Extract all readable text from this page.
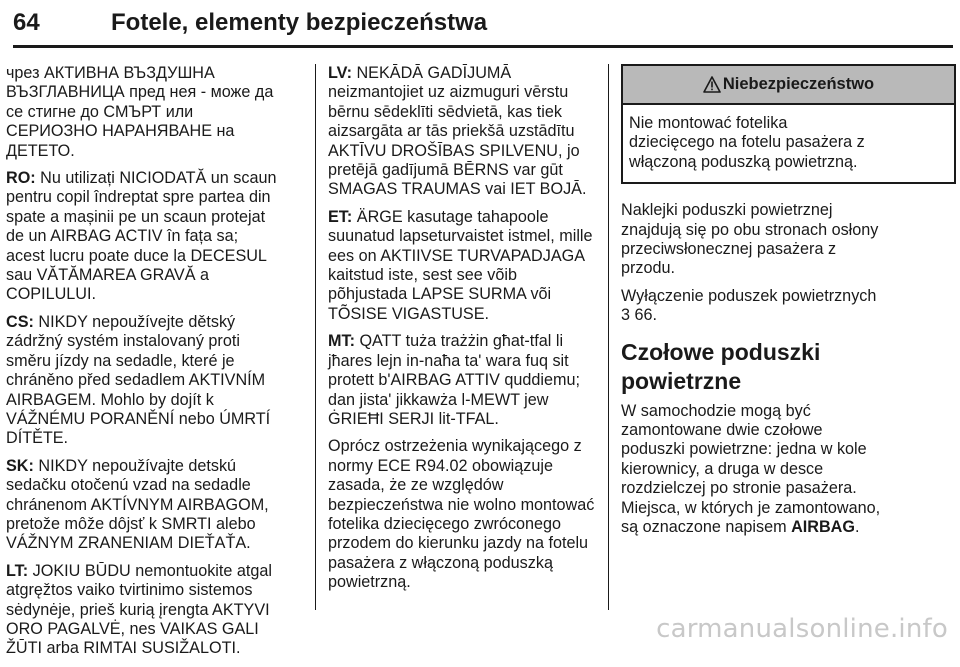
64	Fotele, elementy bezpieczeństwa

чрез АКТИВНА ВЪЗДУШНА
ВЪЗГЛАВНИЦА пред нея - може да
се стигне до СМЪРТ или
СЕРИОЗНО НАРАНЯВАНЕ на
ДЕТЕТО.

RO: Nu utilizați NICIODATĂ un scaun
pentru copil îndreptat spre partea din
spate a mașinii pe un scaun protejat
de un AIRBAG ACTIV în fața sa;
acest lucru poate duce la DECESUL
sau VĂTĂMAREA GRAVĂ a
COPILULUI.

CS: NIKDY nepoužívejte dětský
zádržný systém instalovaný proti
směru jízdy na sedadle, které je
chráněno před sedadlem AKTIVNÍM
AIRBAGEM. Mohlo by dojít k
VÁŽNÉMU PORANĚNÍ nebo ÚMRTÍ
DÍTĚTE.

SK: NIKDY nepoužívajte detskú
sedačku otočenú vzad na sedadle
chránenom AKTÍVNYM AIRBAGOM,
pretože môže dôjsť k SMRTI alebo
VÁŽNYM ZRANENIAM DIEŤAŤA.

LT: JOKIU BŪDU nemontuokite atgal
atgręžtos vaiko tvirtinimo sistemos
sėdynėje, prieš kurią įrengta AKTYVI
ORO PAGALVĖ, nes VAIKAS GALI
ŽŪTI arba RIMTAI SUSIŽALOTI.

LV: NEKĀDĀ GADĪJUMĀ
neizmantojiet uz aizmuguri vērstu
bērnu sēdeklīti sēdvietā, kas tiek
aizsargāta ar tās priekšā uzstādītu
AKTĪVU DROŠĪBAS SPILVENU, jo
pretējā gadījumā BĒRNS var gūt
SMAGAS TRAUMAS vai IET BOJĀ.

ET: ÄRGE kasutage tahapoole
suunatud lapseturvaistet istmel, mille
ees on AKTIIVSE TURVAPADJAGA
kaitstud iste, sest see võib
põhjustada LAPSE SURMA või
TÕSISE VIGASTUSE.

MT: QATT tuża trażżin għat-tfal li
jħares lejn in-naħa ta' wara fuq sit
protett b'AIRBAG ATTIV quddiemu;
dan jista' jikkawża l-MEWT jew
ĠRIEĦI SERJI lit-TFAL.

Oprócz ostrzeżenia wynikającego z
normy ECE R94.02 obowiązuje
zasada, że ze względów
bezpieczeństwa nie wolno montować
fotelika dziecięcego zwróconego
przodem do kierunku jazdy na fotelu
pasażera z włączoną poduszką
powietrzną.

Niebezpieczeństwo
Nie montować fotelika
dziecięcego na fotelu pasażera z
włączoną poduszką powietrzną.

Naklejki poduszki powietrznej
znajdują się po obu stronach osłony
przeciwsłonecznej pasażera z
przodu.

Wyłączenie poduszek powietrznych
3 66.

Czołowe poduszki
powietrzne

W samochodzie mogą być
zamontowane dwie czołowe
poduszki powietrzne: jedna w kole
kierownicy, a druga w desce
rozdzielczej po stronie pasażera.
Miejsca, w których je zamontowano,
są oznaczone napisem AIRBAG.

carmanualsonline.info
